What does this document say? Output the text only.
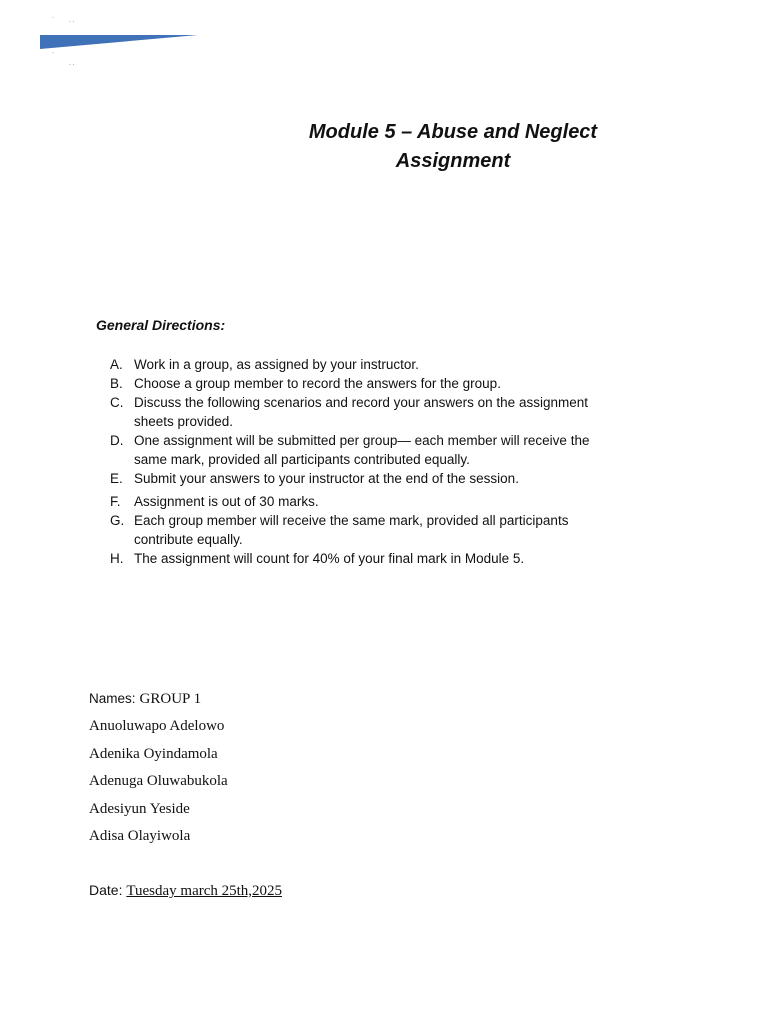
·
· ·
·
· ·
Module 5 – Abuse and Neglect
Assignment
General Directions:
A. Work in a group, as assigned by your instructor.
B. Choose a group member to record the answers for the group.
C. Discuss the following scenarios and record your answers on the assignment sheets provided.
D. One assignment will be submitted per group— each member will receive the same mark, provided all participants contributed equally.
E. Submit your answers to your instructor at the end of the session.
F. Assignment is out of 30 marks.
G. Each group member will receive the same mark, provided all participants contribute equally.
H. The assignment will count for 40% of your final mark in Module 5.
Names: GROUP 1
Anuoluwapo Adelowo
Adenika Oyindamola
Adenuga Oluwabukola
Adesiyun Yeside
Adisa Olayiwola
Date: Tuesday march 25th,2025
